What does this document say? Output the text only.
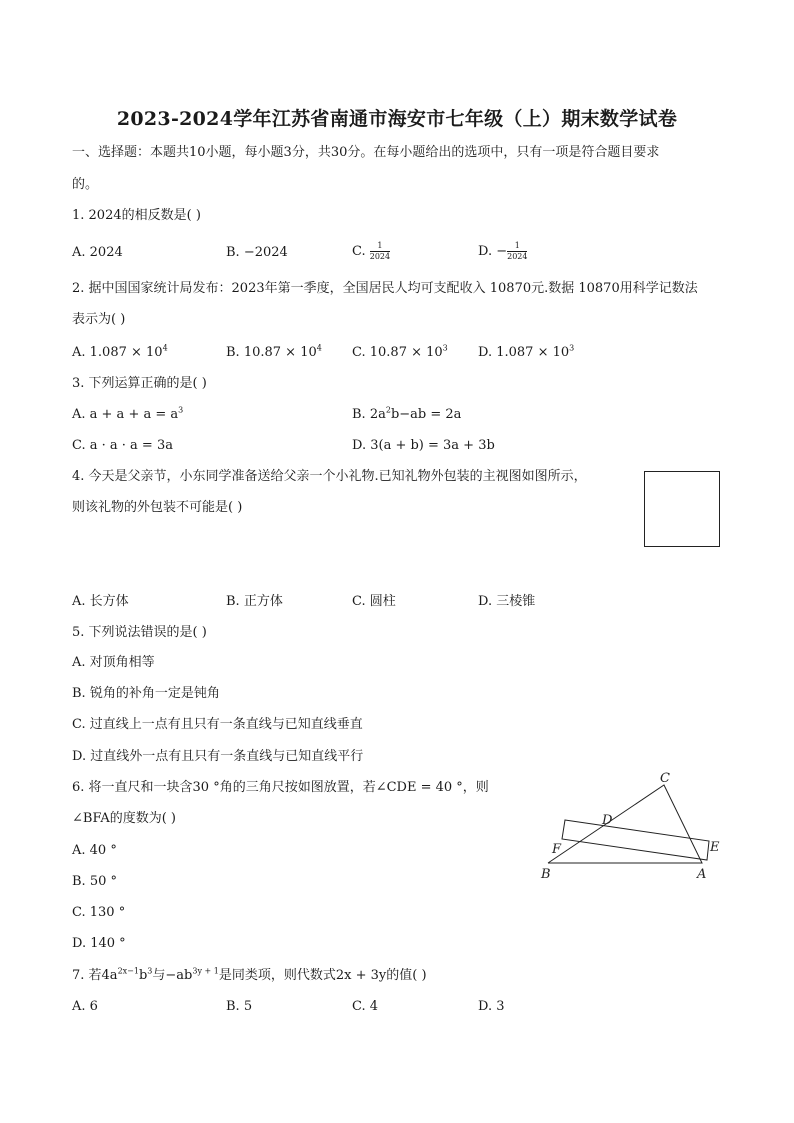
2023-2024学年江苏省南通市海安市七年级（上）期末数学试卷
一、选择题：本题共10小题，每小题3分，共30分。在每小题给出的选项中，只有一项是符合题目要求
的。
1. 2024的相反数是( )
A. 2024	B. −2024	C. $\frac{1}{2024}$	D. − $\frac{1}{2024}$
2. 据中国国家统计局发布：2023年第一季度，全国居民人均可支配收入 10870元.数据 10870用科学记数法
表示为( )
A. $1.087 \times 10^4$	B. $10.87 \times 10^4$ C. $10.87 \times 10^3$ D. $1.087 \times 10^3$
3. 下列运算正确的是( )
A. $a + a + a = a^3$	B. $2a^2b-ab = 2a$
C. a · a · a = 3a	D. 3(a + b) = 3a + 3b
4. 今天是父亲节，小东同学准备送给父亲一个小礼物.已知礼物外包装的主视图如图所示，
则该礼物的外包装不可能是( )
A. 长方体	B. 正方体	C. 圆柱	D. 三棱锥
5. 下列说法错误的是( )
A. 对顶角相等
B. 锐角的补角一定是钝角
C. 过直线上一点有且只有一条直线与已知直线垂直
D. 过直线外一点有且只有一条直线与已知直线平行
6. 将一直尺和一块含30 °角的三角尺按如图放置，若∠CDE = 40 °，则
∠BFA的度数为( )
A. 40 °
B. 50 °
C. 130 °
D. 140 °
C
D
E
F
B	A
7. 若$4a^{2x-1}b^3$与$-ab^{3y + 1}$是同类项，则代数式2x + 3y的值( )
A. 6	B. 5	C. 4	D. 3
